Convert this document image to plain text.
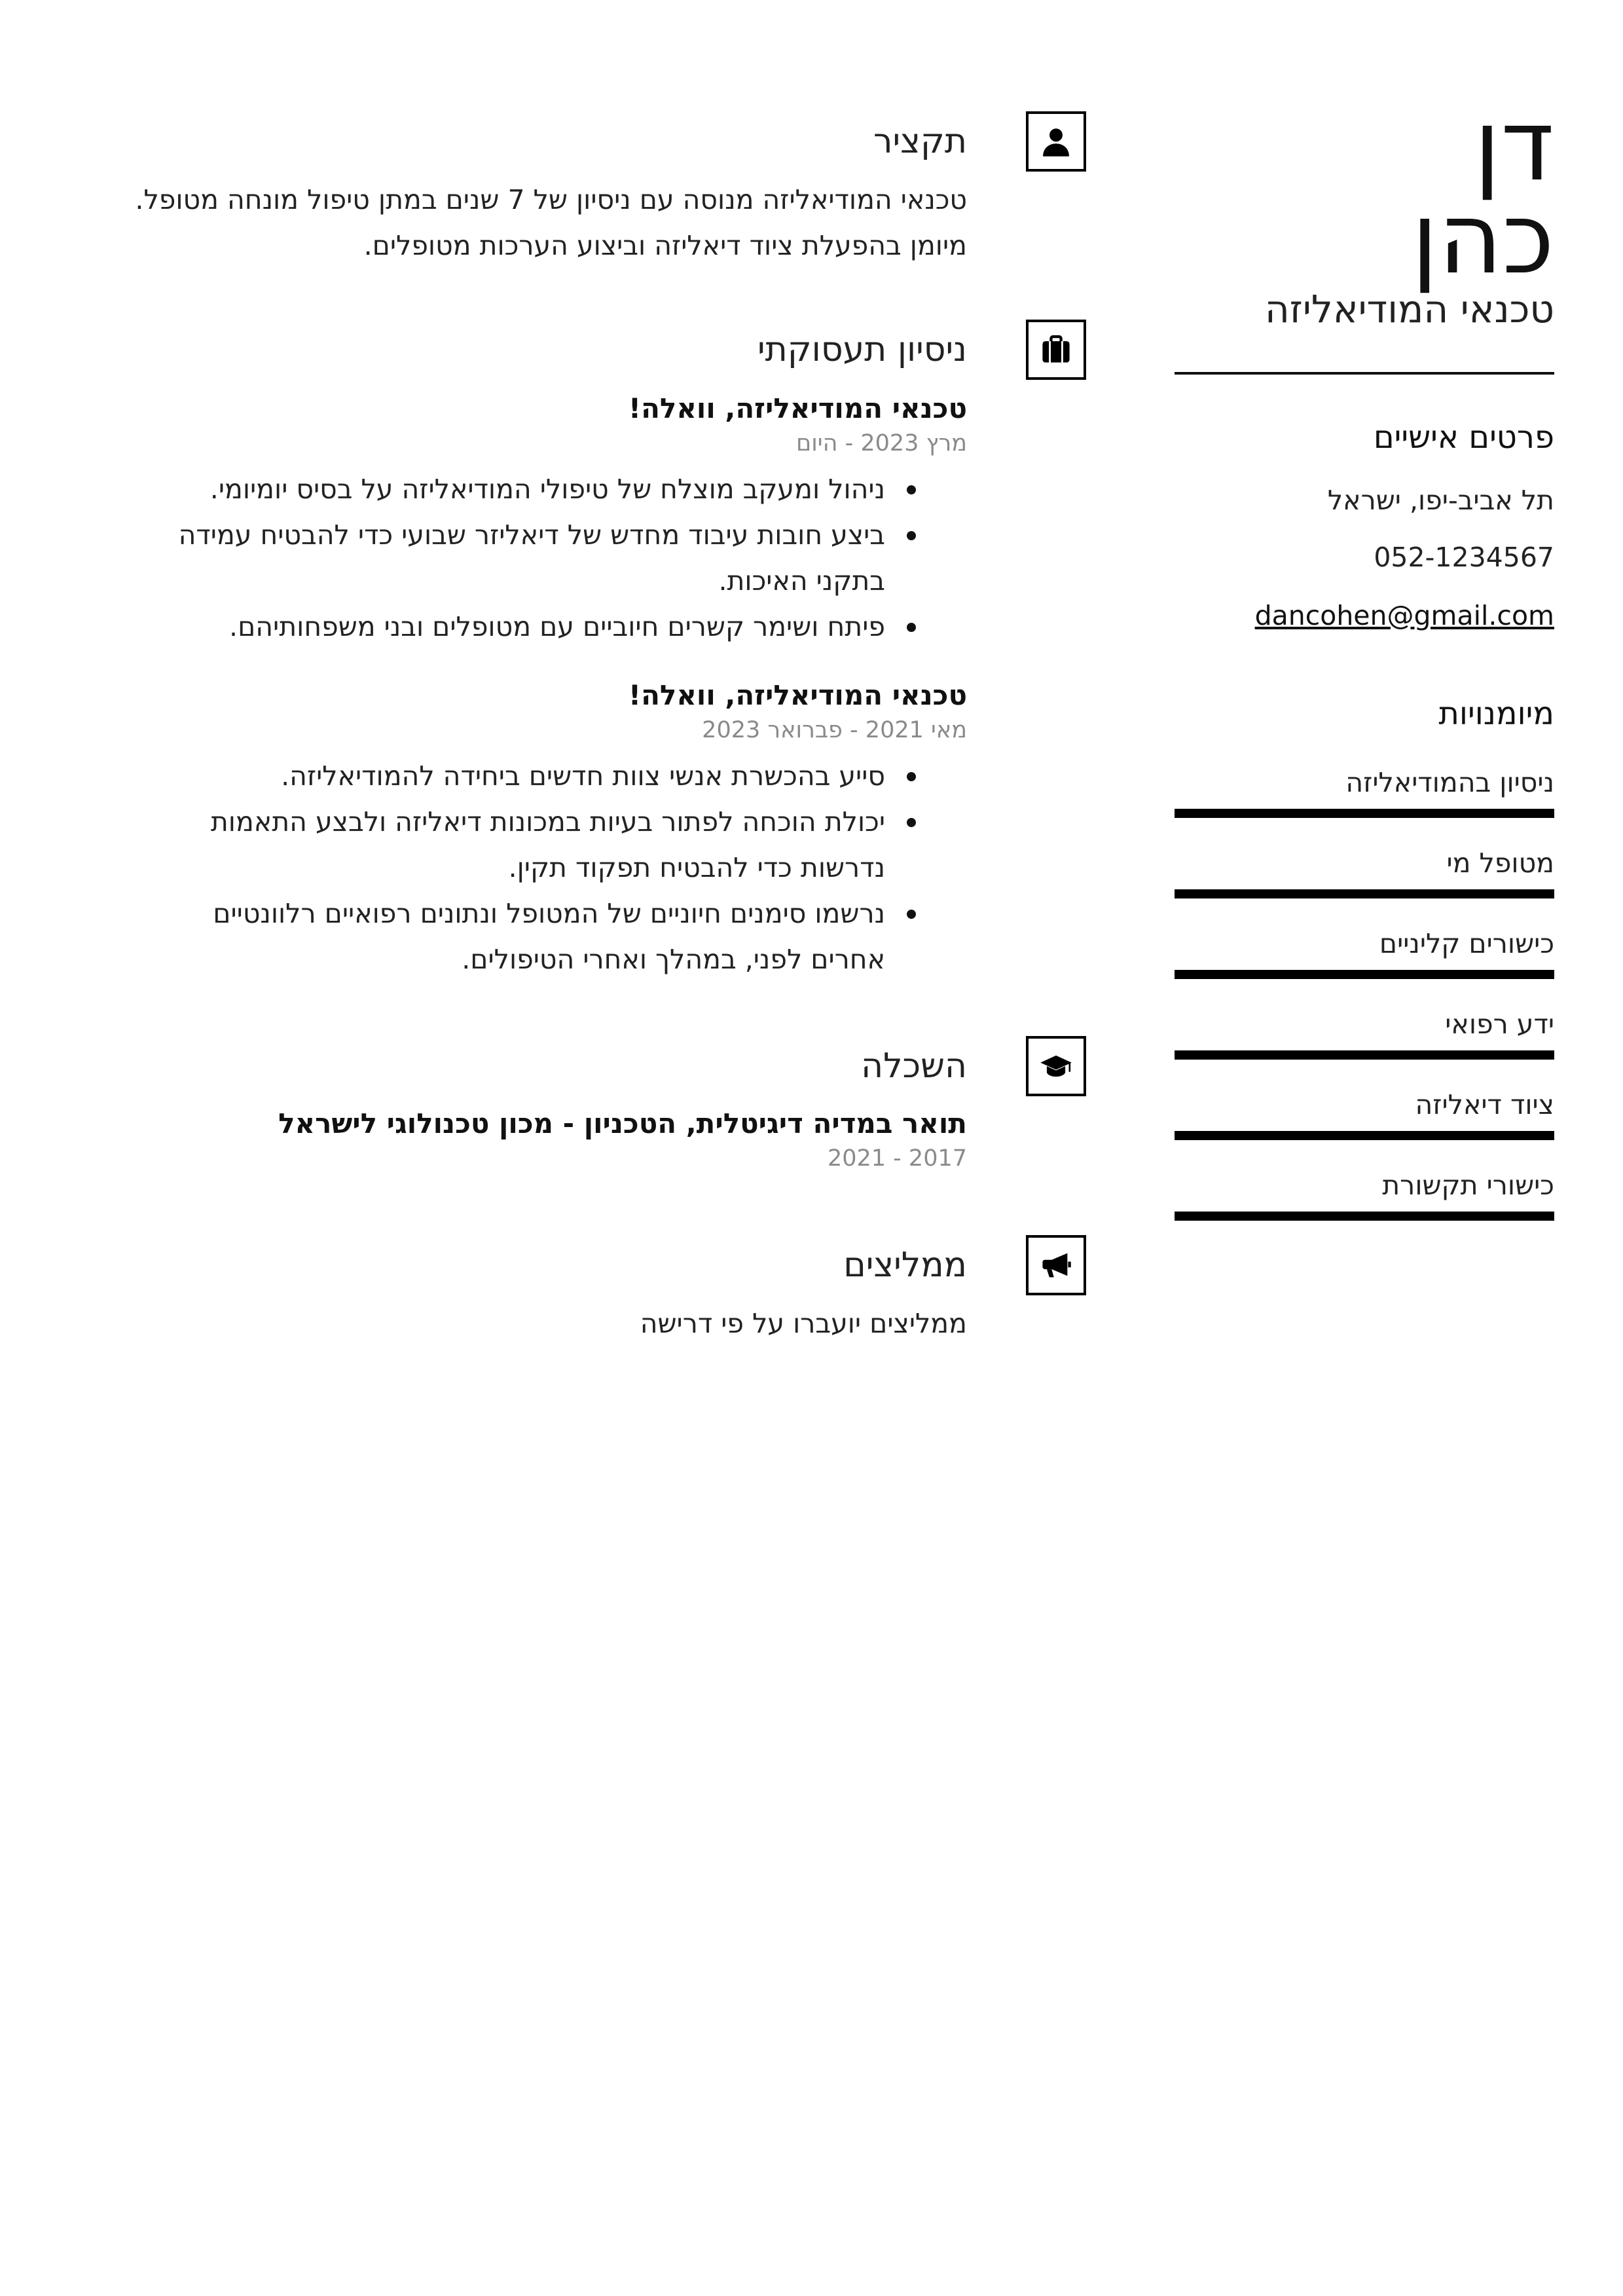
דן
כהן
טכנאי המודיאליזה
פרטים אישיים
תל אביב-יפו, ישראל
052-1234567
dancohen@gmail.com
מיומנויות
ניסיון בהמודיאליזה
מטופל מי
כישורים קליניים
ידע רפואי
ציוד דיאליזה
כישורי תקשורת
תקציר
טכנאי המודיאליזה מנוסה עם ניסיון של 7 שנים במתן טיפול מונחה מטופל.
מיומן בהפעלת ציוד דיאליזה וביצוע הערכות מטופלים.
ניסיון תעסוקתי
טכנאי המודיאליזה, וואלה!
מרץ 2023 - היום
ניהול ומעקב מוצלח של טיפולי המודיאליזה על בסיס יומיומי.
ביצע חובות עיבוד מחדש של דיאליזר שבועי כדי להבטיח עמידה
בתקני האיכות.
פיתח ושימר קשרים חיוביים עם מטופלים ובני משפחותיהם.
טכנאי המודיאליזה, וואלה!
מאי 2021 - פברואר 2023
סייע בהכשרת אנשי צוות חדשים ביחידה להמודיאליזה.
יכולת הוכחה לפתור בעיות במכונות דיאליזה ולבצע התאמות
נדרשות כדי להבטיח תפקוד תקין.
נרשמו סימנים חיוניים של המטופל ונתונים רפואיים רלוונטיים
אחרים לפני, במהלך ואחרי הטיפולים.
השכלה
תואר במדיה דיגיטלית, הטכניון - מכון טכנולוגי לישראל
2017 - 2021
ממליצים
ממליצים יועברו על פי דרישה
